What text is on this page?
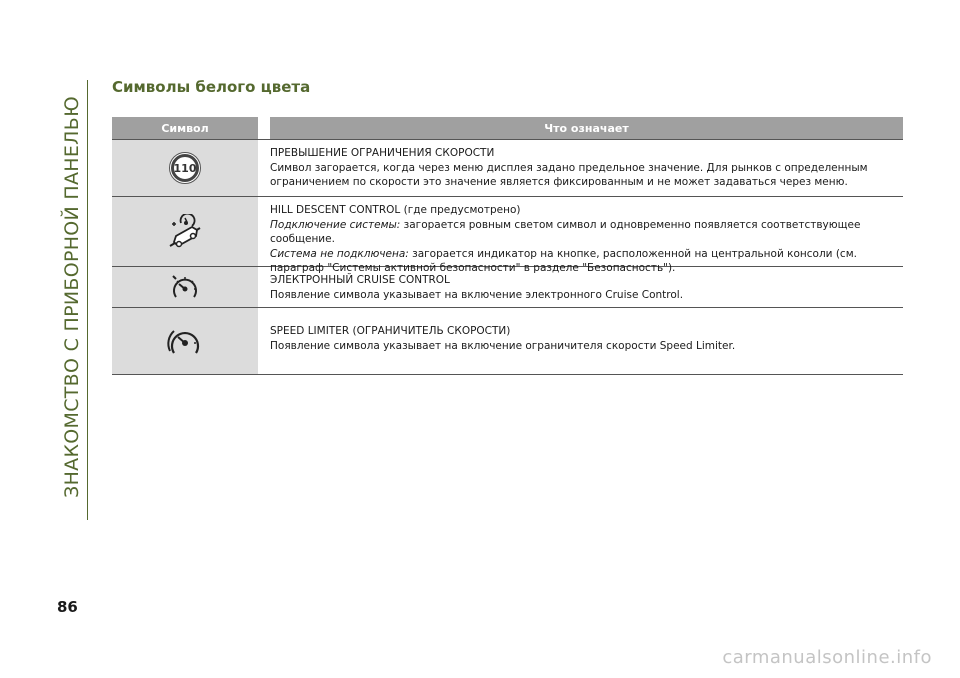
ЗНАКОМСТВО С ПРИБОРНОЙ ПАНЕЛЬЮ
86
Символы белого цвета
Символ	Что означает
110
ПРЕВЫШЕНИЕ ОГРАНИЧЕНИЯ СКОРОСТИ
Символ загорается, когда через меню дисплея задано предельное значение. Для рынков с определенным ограничением по скорости это значение является фиксированным и не может задаваться через меню.
HILL DESCENT CONTROL (где предусмотрено)
Подключение системы: загорается ровным светом символ и одновременно появляется соответствующее сообщение.
Система не подключена: загорается индикатор на кнопке, расположенной на центральной консоли (см. параграф "Системы активной безопасности" в разделе "Безопасность").
ЭЛЕКТРОННЫЙ CRUISE CONTROL
Появление символа указывает на включение электронного Cruise Control.
SPEED LIMITER (ОГРАНИЧИТЕЛЬ СКОРОСТИ)
Появление символа указывает на включение ограничителя скорости Speed Limiter.
carmanualsonline.info
